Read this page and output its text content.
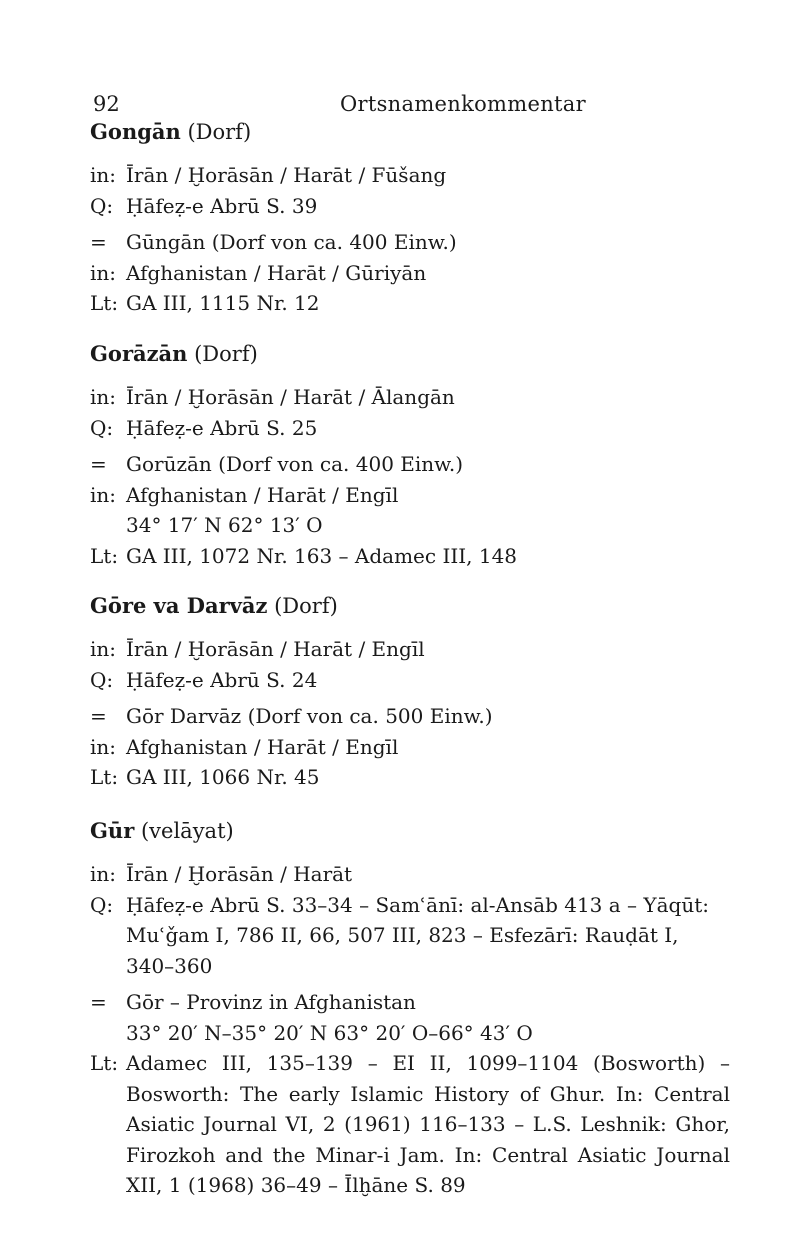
92	Ortsnamenkommentar
Gongān (Dorf)
in: Īrān / Ḫorāsān / Harāt / Fūšang
Q: Ḥāfeẓ-e Abrū S. 39
= Gūngān (Dorf von ca. 400 Einw.)
in: Afghanistan / Harāt / Gūriyān
Lt: GA III, 1115 Nr. 12
Gorāzān (Dorf)
in: Īrān / Ḫorāsān / Harāt / Ālangān
Q: Ḥāfeẓ-e Abrū S. 25
= Gorūzān (Dorf von ca. 400 Einw.)
in: Afghanistan / Harāt / Engīl
34° 17′ N 62° 13′ O
Lt: GA III, 1072 Nr. 163 – Adamec III, 148
Gōre va Darvāz (Dorf)
in: Īrān / Ḫorāsān / Harāt / Engīl
Q: Ḥāfeẓ-e Abrū S. 24
= Gōr Darvāz (Dorf von ca. 500 Einw.)
in: Afghanistan / Harāt / Engīl
Lt: GA III, 1066 Nr. 45
Gūr (velāyat)
in: Īrān / Ḫorāsān / Harāt
Q: Ḥāfeẓ-e Abrū S. 33–34 – Samʿānī: al-Ansāb 413 a – Yāqūt: Muʿǧam I, 786 II, 66, 507 III, 823 – Esfezārī: Rauḍāt I, 340–360
= Gōr – Provinz in Afghanistan
33° 20′ N–35° 20′ N 63° 20′ O–66° 43′ O
Lt: Adamec III, 135–139 – EI II, 1099–1104 (Bosworth) – Bosworth: The early Islamic History of Ghur. In: Central Asiatic Journal VI, 2 (1961) 116–133 – L.S. Leshnik: Ghor, Firozkoh and the Minar-i Jam. In: Central Asiatic Journal XII, 1 (1968) 36–49 – Īlḫāne S. 89
